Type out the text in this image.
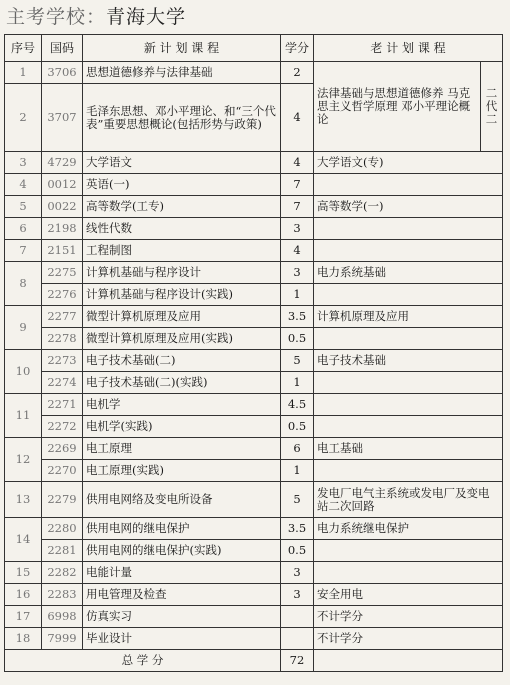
主考学校：青海大学
序号	国码	新 计 划 课 程	学分	老 计 划 课 程	
1	3706	思想道德修养与法律基础	2	法律基础与思想道德修养 马克思主义哲学原理 邓小平理论概论	二 代 二
2	3707	毛泽东思想、邓小平理论、和“三个代表”重要思想概论(包括形势与政策)	4		
3	4729	大学语文	4	大学语文(专)	
4	0012	英语(一)	7		
5	0022	高等数学(工专)	7	高等数学(一)	
6	2198	线性代数	3		
7	2151	工程制图	4		
8	2275	计算机基础与程序设计	3	电力系统基础	
	2276	计算机基础与程序设计(实践)	1		
9	2277	微型计算机原理及应用	3.5	计算机原理及应用	
	2278	微型计算机原理及应用(实践)	0.5		
10	2273	电子技术基础(二)	5	电子技术基础	
	2274	电子技术基础(二)(实践)	1		
11	2271	电机学	4.5		
	2272	电机学(实践)	0.5		
12	2269	电工原理	6	电工基础	
	2270	电工原理(实践)	1		
13	2279	供用电网络及变电所设备	5	发电厂电气主系统或发电厂及变电站二次回路	
14	2280	供用电网的继电保护	3.5	电力系统继电保护	
	2281	供用电网的继电保护(实践)	0.5		
15	2282	电能计量	3		
16	2283	用电管理及检查	3	安全用电	
17	6998	仿真实习		不计学分	
18	7999	毕业设计		不计学分	
总 学 分			72		
